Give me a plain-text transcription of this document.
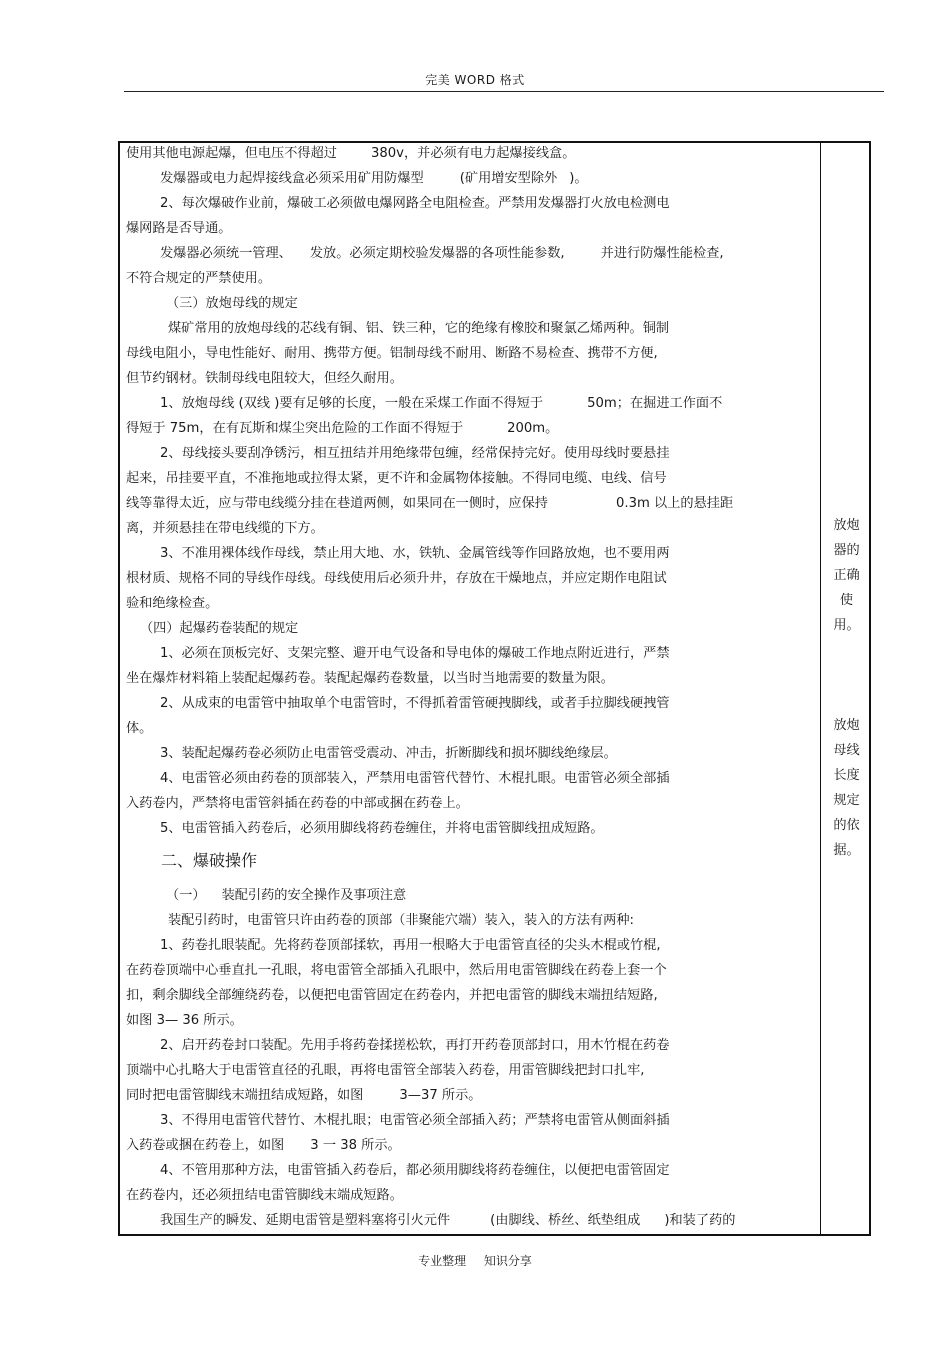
完美 WORD 格式
使用其他电源起爆，但电压不得超过	380v，并必须有电力起爆接线盒。
发爆器或电力起焊接线盒必须采用矿用防爆型	(矿用增安型除外 )。
2、每次爆破作业前，爆破工必须做电爆网路全电阻检查。严禁用发爆器打火放电检测电
爆网路是否导通。
发爆器必须统一管理、 发放。必须定期校验发爆器的各项性能参数,	并进行防爆性能检查,
不符合规定的严禁使用。
（三）放炮母线的规定
煤矿常用的放炮母线的芯线有铜、铝、铁三种，它的绝缘有橡胶和聚氯乙烯两种。铜制
母线电阻小，导电性能好、耐用、携带方便。铝制母线不耐用、断路不易检查、携带不方便,
但节约钢材。铁制母线电阻较大，但经久耐用。
1、放炮母线 (双线 )要有足够的长度，一般在采煤工作面不得短于	50m；在掘进工作面不
得短于 75m，在有瓦斯和煤尘突出危险的工作面不得短于	200m。
2、母线接头要刮净锈污，相互扭结并用绝缘带包缠，经常保持完好。使用母线时要悬挂
起来，吊挂要平直，不准拖地或拉得太紧，更不许和金属物体接触。不得同电缆、电线、信号
线等靠得太近，应与带电线缆分挂在巷道两侧，如果同在一侧时，应保持	0.3m 以上的悬挂距
离，并须悬挂在带电线缆的下方。
3、不准用裸体线作母线，禁止用大地、水，铁轨、金属管线等作回路放炮，也不要用两
根材质、规格不同的导线作母线。母线使用后必须升井，存放在干燥地点，并应定期作电阻试
验和绝缘检查。
（四）起爆药卷装配的规定
1、必须在顶板完好、支架完整、避开电气设备和导电体的爆破工作地点附近进行，严禁
坐在爆炸材料箱上装配起爆药卷。装配起爆药卷数量，以当时当地需要的数量为限。
2、从成束的电雷管中抽取单个电雷管时，不得抓着雷管硬拽脚线，或者手拉脚线硬拽管
体。
3、装配起爆药卷必须防止电雷管受震动、冲击，折断脚线和损坏脚线绝缘层。
4、电雷管必须由药卷的顶部装入，严禁用电雷管代替竹、木棍扎眼。电雷管必须全部插
入药卷内，严禁将电雷管斜插在药卷的中部或捆在药卷上。
5、电雷管插入药卷后，必须用脚线将药卷缠住，并将电雷管脚线扭成短路。
二、爆破操作
（一） 装配引药的安全操作及事项注意
装配引药时，电雷管只许由药卷的顶部（非聚能穴端）装入，装入的方法有两种:
1、药卷扎眼装配。先将药卷顶部揉软，再用一根略大于电雷管直径的尖头木棍或竹棍,
在药卷顶端中心垂直扎一孔眼，将电雷管全部插入孔眼中，然后用电雷管脚线在药卷上套一个
扣，剩余脚线全部缠绕药卷，以便把电雷管固定在药卷内，并把电雷管的脚线末端扭结短路,
如图 3— 36 所示。
2、启开药卷封口装配。先用手将药卷揉搓松软，再打开药卷顶部封口，用木竹棍在药卷
顶端中心扎略大于电雷管直径的孔眼，再将电雷管全部装入药卷，用雷管脚线把封口扎牢,
同时把电雷管脚线末端扭结成短路，如图	3—37 所示。
3、不得用电雷管代替竹、木棍扎眼；电雷管必须全部插入药；严禁将电雷管从侧面斜插
入药卷或捆在药卷上，如图 3 一 38 所示。
4、不管用那种方法，电雷管插入药卷后，都必须用脚线将药卷缠住，以便把电雷管固定
在药卷内，还必须扭结电雷管脚线末端成短路。
我国生产的瞬发、延期电雷管是塑料塞将引火元件	(由脚线、桥丝、纸垫组成 )和装了药的
放炮
器的
正确
使
用。
放炮
母线
长度
规定
的依
据。
专业整理 知识分享
